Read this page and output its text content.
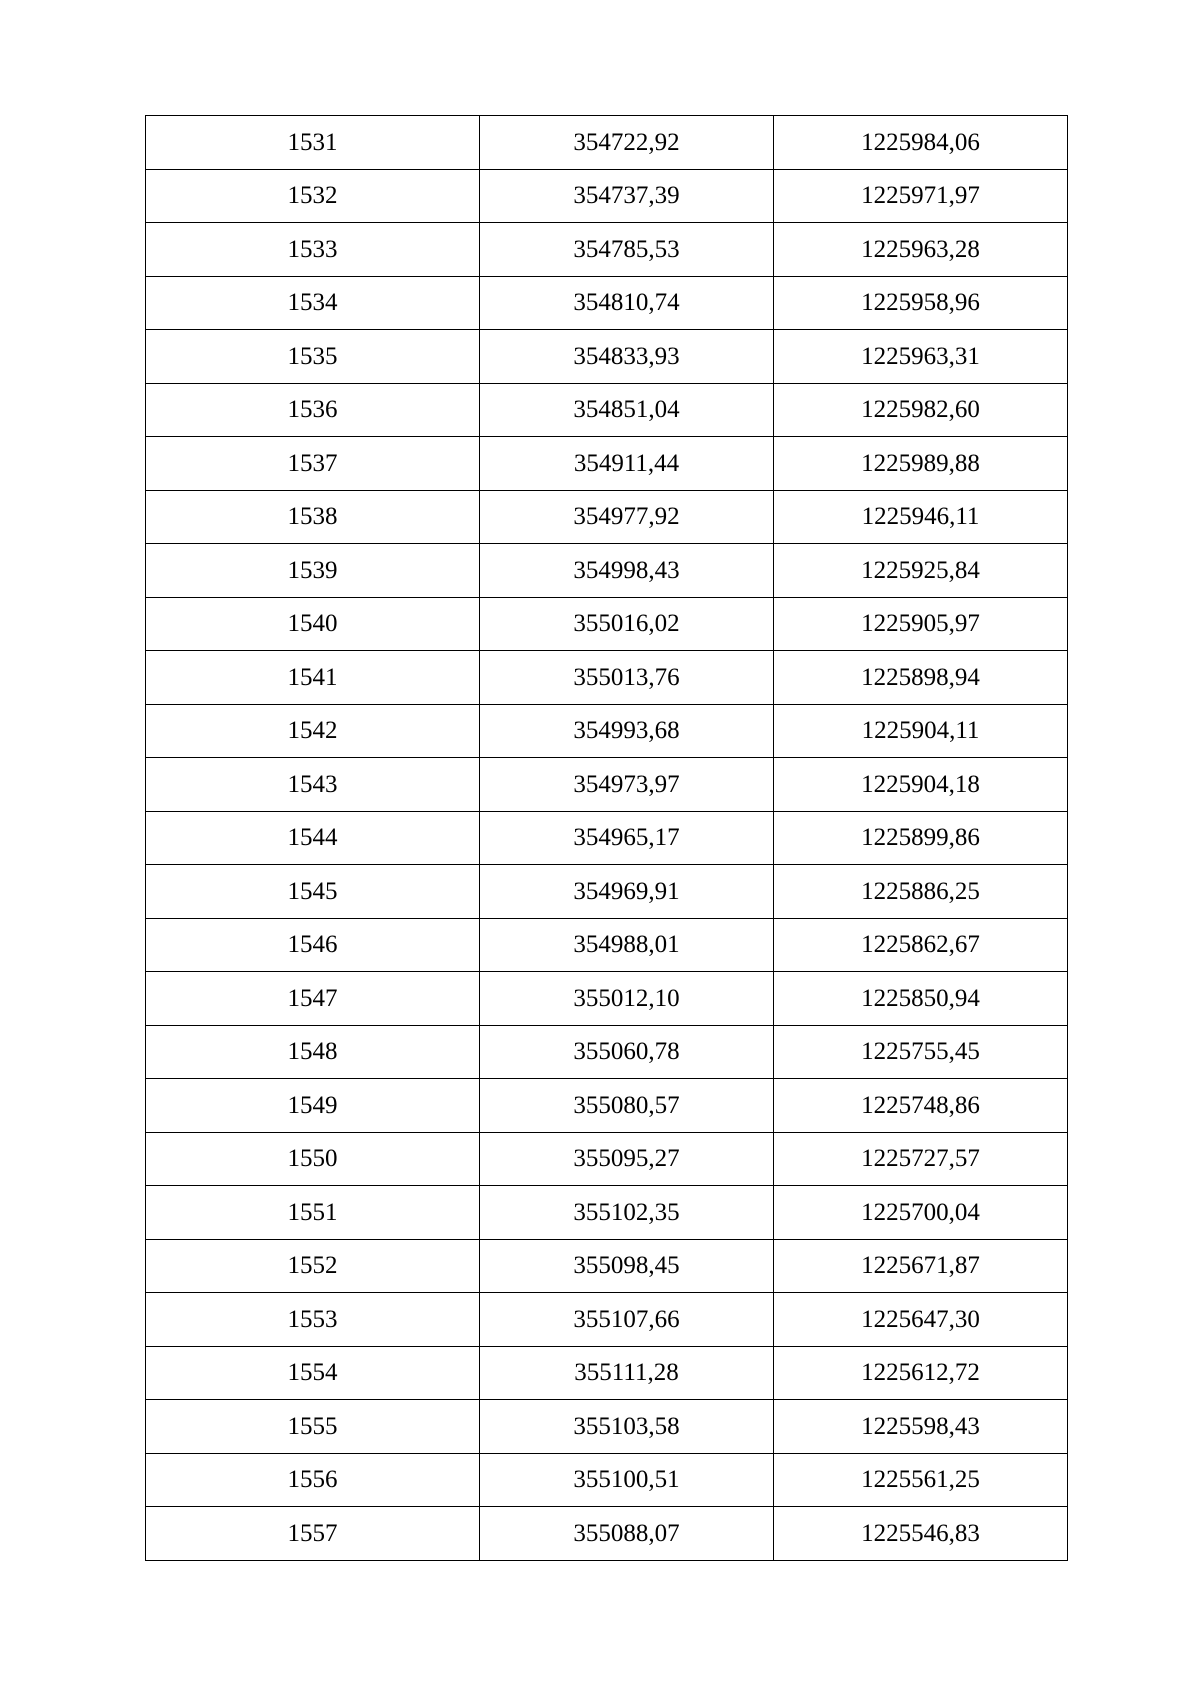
1531	354722,92	1225984,06
1532	354737,39	1225971,97
1533	354785,53	1225963,28
1534	354810,74	1225958,96
1535	354833,93	1225963,31
1536	354851,04	1225982,60
1537	354911,44	1225989,88
1538	354977,92	1225946,11
1539	354998,43	1225925,84
1540	355016,02	1225905,97
1541	355013,76	1225898,94
1542	354993,68	1225904,11
1543	354973,97	1225904,18
1544	354965,17	1225899,86
1545	354969,91	1225886,25
1546	354988,01	1225862,67
1547	355012,10	1225850,94
1548	355060,78	1225755,45
1549	355080,57	1225748,86
1550	355095,27	1225727,57
1551	355102,35	1225700,04
1552	355098,45	1225671,87
1553	355107,66	1225647,30
1554	355111,28	1225612,72
1555	355103,58	1225598,43
1556	355100,51	1225561,25
1557	355088,07	1225546,83
